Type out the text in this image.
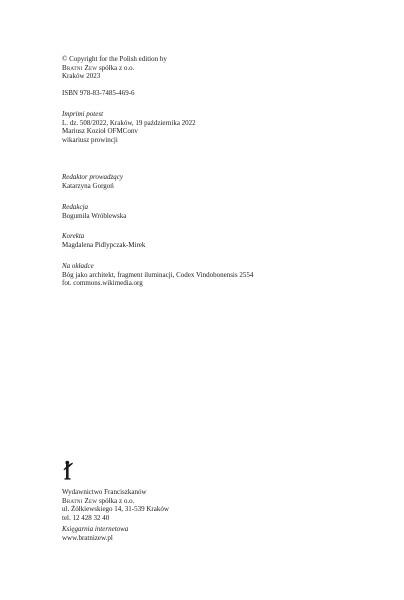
© Copyright for the Polish edition by
Bratni Zew spółka z o.o.
Kraków 2023
ISBN 978-83-7485-469-6
Imprimi potest
L. dz. 508/2022, Kraków, 19 października 2022
Mariusz Kozioł OFMConv
wikariusz prowincji
Redaktor prowadzący
Katarzyna Gorgoń
Redakcja
Bogumiła Wróblewska
Korekta
Magdalena Pidlypczak-Mirek
Na okładce
Bóg jako architekt, fragment iluminacji, Codex Vindobonensis 2554
fot. commons.wikimedia.org
Wydawnictwo Franciszkanów
Bratni Zew spółka z o.o.
ul. Żółkiewskiego 14, 31-539 Kraków
tel. 12 428 32 40
Księgarnia internetowa
www.bratnizew.pl
